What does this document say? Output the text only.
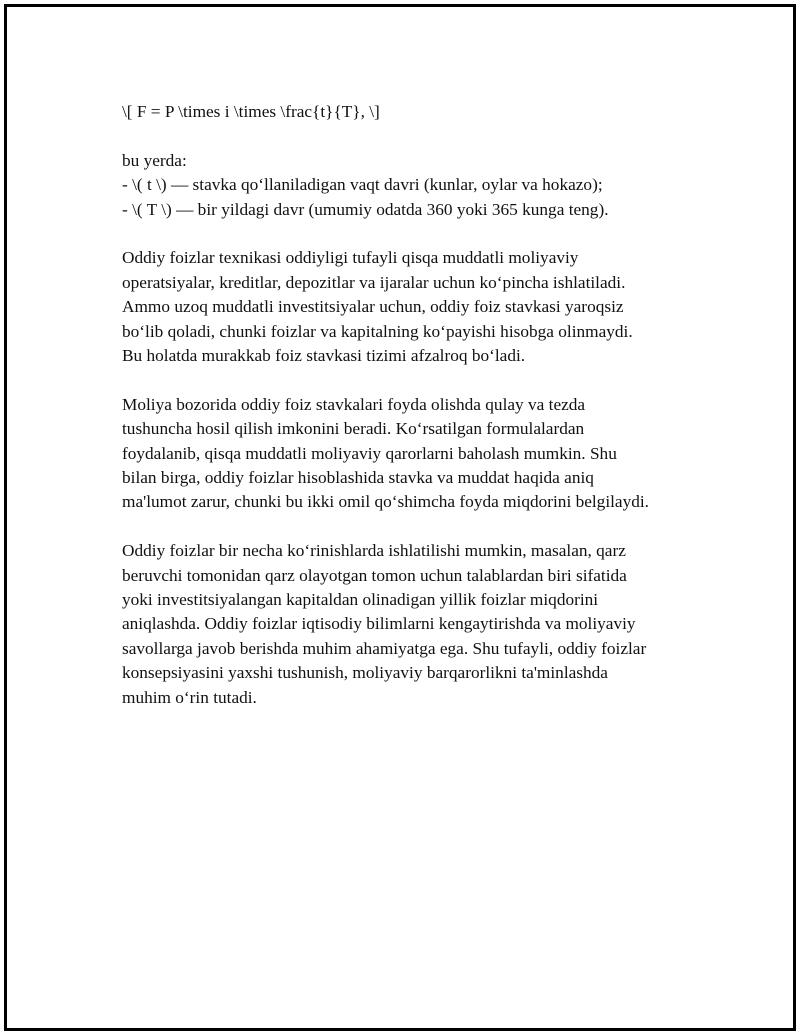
\[ F = P \times i \times \frac{t}{T}, \]
bu yerda:
- \( t \) — stavka qo‘llaniladigan vaqt davri (kunlar, oylar va hokazo);
- \( T \) — bir yildagi davr (umumiy odatda 360 yoki 365 kunga teng).
Oddiy foizlar texnikasi oddiyligi tufayli qisqa muddatli moliyaviy
operatsiyalar, kreditlar, depozitlar va ijaralar uchun ko‘pincha ishlatiladi.
Ammo uzoq muddatli investitsiyalar uchun, oddiy foiz stavkasi yaroqsiz
bo‘lib qoladi, chunki foizlar va kapitalning ko‘payishi hisobga olinmaydi.
Bu holatda murakkab foiz stavkasi tizimi afzalroq bo‘ladi.
Moliya bozorida oddiy foiz stavkalari foyda olishda qulay va tezda
tushuncha hosil qilish imkonini beradi. Ko‘rsatilgan formulalardan
foydalanib, qisqa muddatli moliyaviy qarorlarni baholash mumkin. Shu
bilan birga, oddiy foizlar hisoblashida stavka va muddat haqida aniq
ma'lumot zarur, chunki bu ikki omil qo‘shimcha foyda miqdorini belgilaydi.
Oddiy foizlar bir necha ko‘rinishlarda ishlatilishi mumkin, masalan, qarz
beruvchi tomonidan qarz olayotgan tomon uchun talablardan biri sifatida
yoki investitsiyalangan kapitaldan olinadigan yillik foizlar miqdorini
aniqlashda. Oddiy foizlar iqtisodiy bilimlarni kengaytirishda va moliyaviy
savollarga javob berishda muhim ahamiyatga ega. Shu tufayli, oddiy foizlar
konsepsiyasini yaxshi tushunish, moliyaviy barqarorlikni ta'minlashda
muhim o‘rin tutadi.
